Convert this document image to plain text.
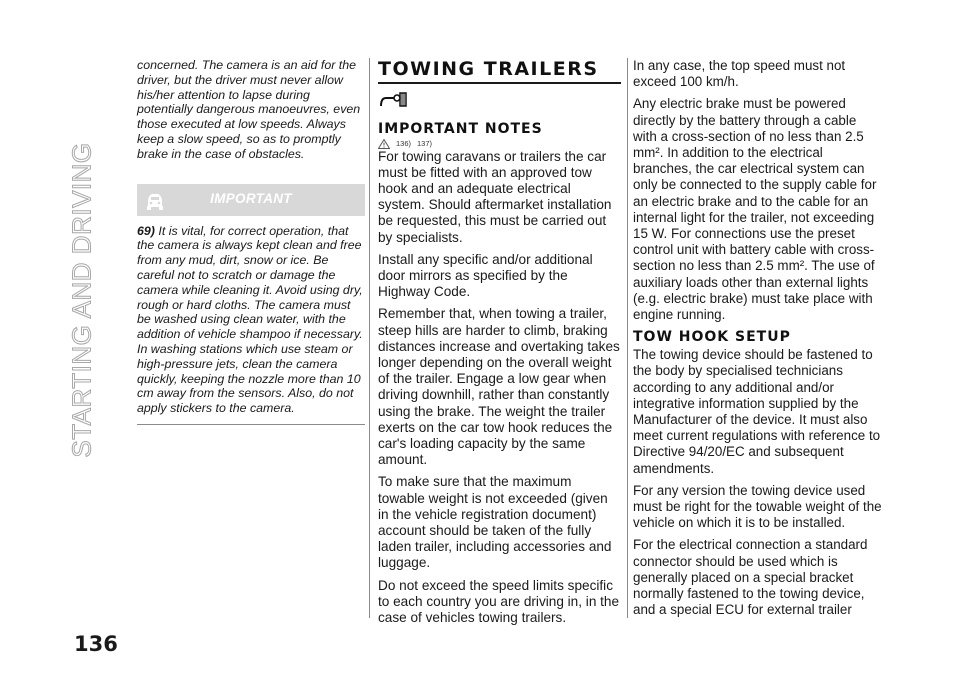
STARTING AND DRIVING
136

concerned. The camera is an aid for the driver, but the driver must never allow his/her attention to lapse during potentially dangerous manoeuvres, even those executed at low speeds. Always keep a slow speed, so as to promptly brake in the case of obstacles.

IMPORTANT

69) It is vital, for correct operation, that the camera is always kept clean and free from any mud, dirt, snow or ice. Be careful not to scratch or damage the camera while cleaning it. Avoid using dry, rough or hard cloths. The camera must be washed using clean water, with the addition of vehicle shampoo if necessary. In washing stations which use steam or high-pressure jets, clean the camera quickly, keeping the nozzle more than 10 cm away from the sensors. Also, do not apply stickers to the camera.

TOWING TRAILERS
IMPORTANT NOTES
136) 137)

For towing caravans or trailers the car must be fitted with an approved tow hook and an adequate electrical system. Should aftermarket installation be requested, this must be carried out by specialists.

Install any specific and/or additional door mirrors as specified by the Highway Code.

Remember that, when towing a trailer, steep hills are harder to climb, braking distances increase and overtaking takes longer depending on the overall weight of the trailer. Engage a low gear when driving downhill, rather than constantly using the brake. The weight the trailer exerts on the car tow hook reduces the car's loading capacity by the same amount.

To make sure that the maximum towable weight is not exceeded (given in the vehicle registration document) account should be taken of the fully laden trailer, including accessories and luggage.

Do not exceed the speed limits specific to each country you are driving in, in the case of vehicles towing trailers.

In any case, the top speed must not exceed 100 km/h.

Any electric brake must be powered directly by the battery through a cable with a cross-section of no less than 2.5 mm². In addition to the electrical branches, the car electrical system can only be connected to the supply cable for an electric brake and to the cable for an internal light for the trailer, not exceeding 15 W. For connections use the preset control unit with battery cable with cross-section no less than 2.5 mm². The use of auxiliary loads other than external lights (e.g. electric brake) must take place with engine running.

TOW HOOK SETUP

The towing device should be fastened to the body by specialised technicians according to any additional and/or integrative information supplied by the Manufacturer of the device. It must also meet current regulations with reference to Directive 94/20/EC and subsequent amendments.

For any version the towing device used must be right for the towable weight of the vehicle on which it is to be installed.

For the electrical connection a standard connector should be used which is generally placed on a special bracket normally fastened to the towing device, and a special ECU for external trailer
